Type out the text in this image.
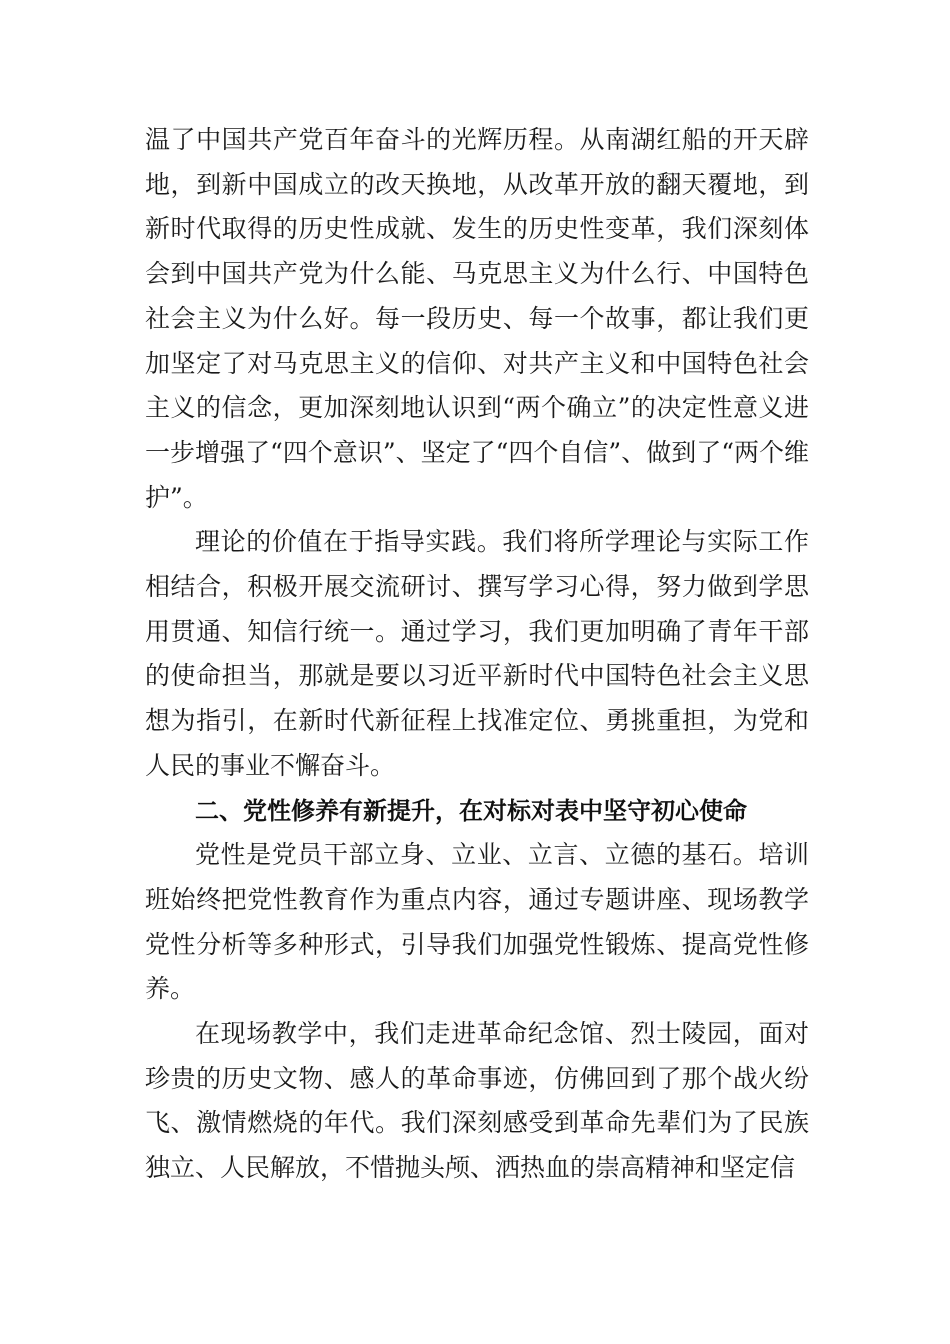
温了中国共产党百年奋斗的光辉历程。从南湖红船的开天辟地，到新中国成立的改天换地，从改革开放的翻天覆地，到新时代取得的历史性成就、发生的历史性变革，我们深刻体会到中国共产党为什么能、马克思主义为什么行、中国特色社会主义为什么好。每一段历史、每一个故事，都让我们更加坚定了对马克思主义的信仰、对共产主义和中国特色社会主义的信念，更加深刻地认识到“两个确立”的决定性意义进一步增强了“四个意识”、坚定了“四个自信”、做到了“两个维护”。

理论的价值在于指导实践。我们将所学理论与实际工作相结合，积极开展交流研讨、撰写学习心得，努力做到学思用贯通、知信行统一。通过学习，我们更加明确了青年干部的使命担当，那就是要以习近平新时代中国特色社会主义思想为指引，在新时代新征程上找准定位、勇挑重担，为党和人民的事业不懈奋斗。

二、党性修养有新提升，在对标对表中坚守初心使命

党性是党员干部立身、立业、立言、立德的基石。培训班始终把党性教育作为重点内容，通过专题讲座、现场教学党性分析等多种形式，引导我们加强党性锻炼、提高党性修养。

在现场教学中，我们走进革命纪念馆、烈士陵园，面对珍贵的历史文物、感人的革命事迹，仿佛回到了那个战火纷飞、激情燃烧的年代。我们深刻感受到革命先辈们为了民族独立、人民解放，不惜抛头颅、洒热血的崇高精神和坚定信
